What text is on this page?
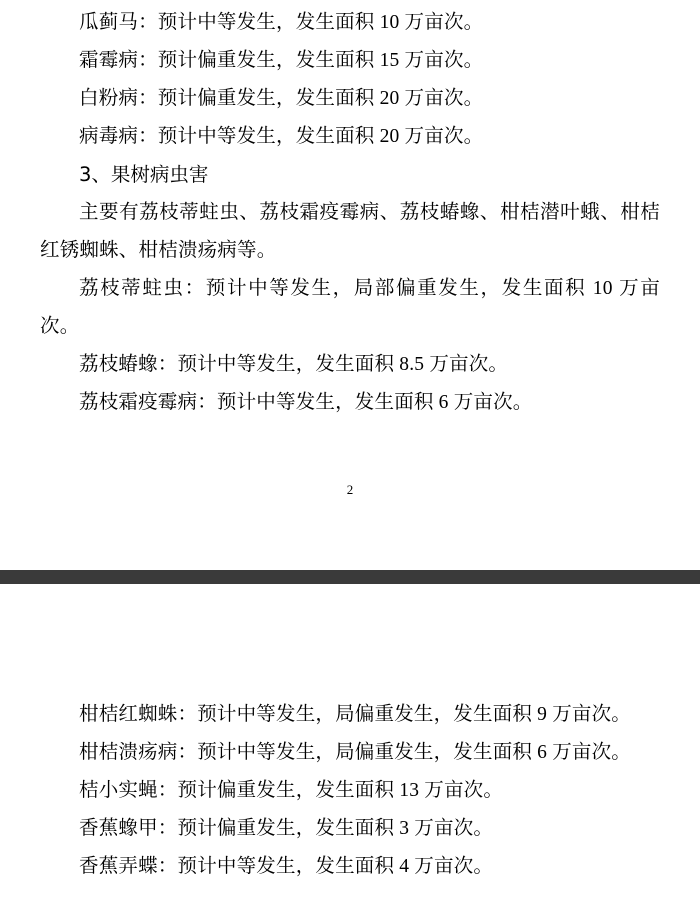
瓜蓟马：预计中等发生，发生面积 10 万亩次。

霜霉病：预计偏重发生，发生面积 15 万亩次。

白粉病：预计偏重发生，发生面积 20 万亩次。

病毒病：预计中等发生，发生面积 20 万亩次。

3、果树病虫害

主要有荔枝蒂蛀虫、荔枝霜疫霉病、荔枝蝽蟓、柑桔潜叶蛾、柑桔红锈蜘蛛、柑桔溃疡病等。

荔枝蒂蛀虫：预计中等发生，局部偏重发生，发生面积 10 万亩次。

荔枝蝽蟓：预计中等发生，发生面积 8.5 万亩次。

荔枝霜疫霉病：预计中等发生，发生面积 6 万亩次。

2

柑桔红蜘蛛：预计中等发生，局偏重发生，发生面积 9 万亩次。

柑桔溃疡病：预计中等发生，局偏重发生，发生面积 6 万亩次。

桔小实蝇：预计偏重发生，发生面积 13 万亩次。

香蕉蟓甲：预计偏重发生，发生面积 3 万亩次。

香蕉弄蝶：预计中等发生，发生面积 4 万亩次。
